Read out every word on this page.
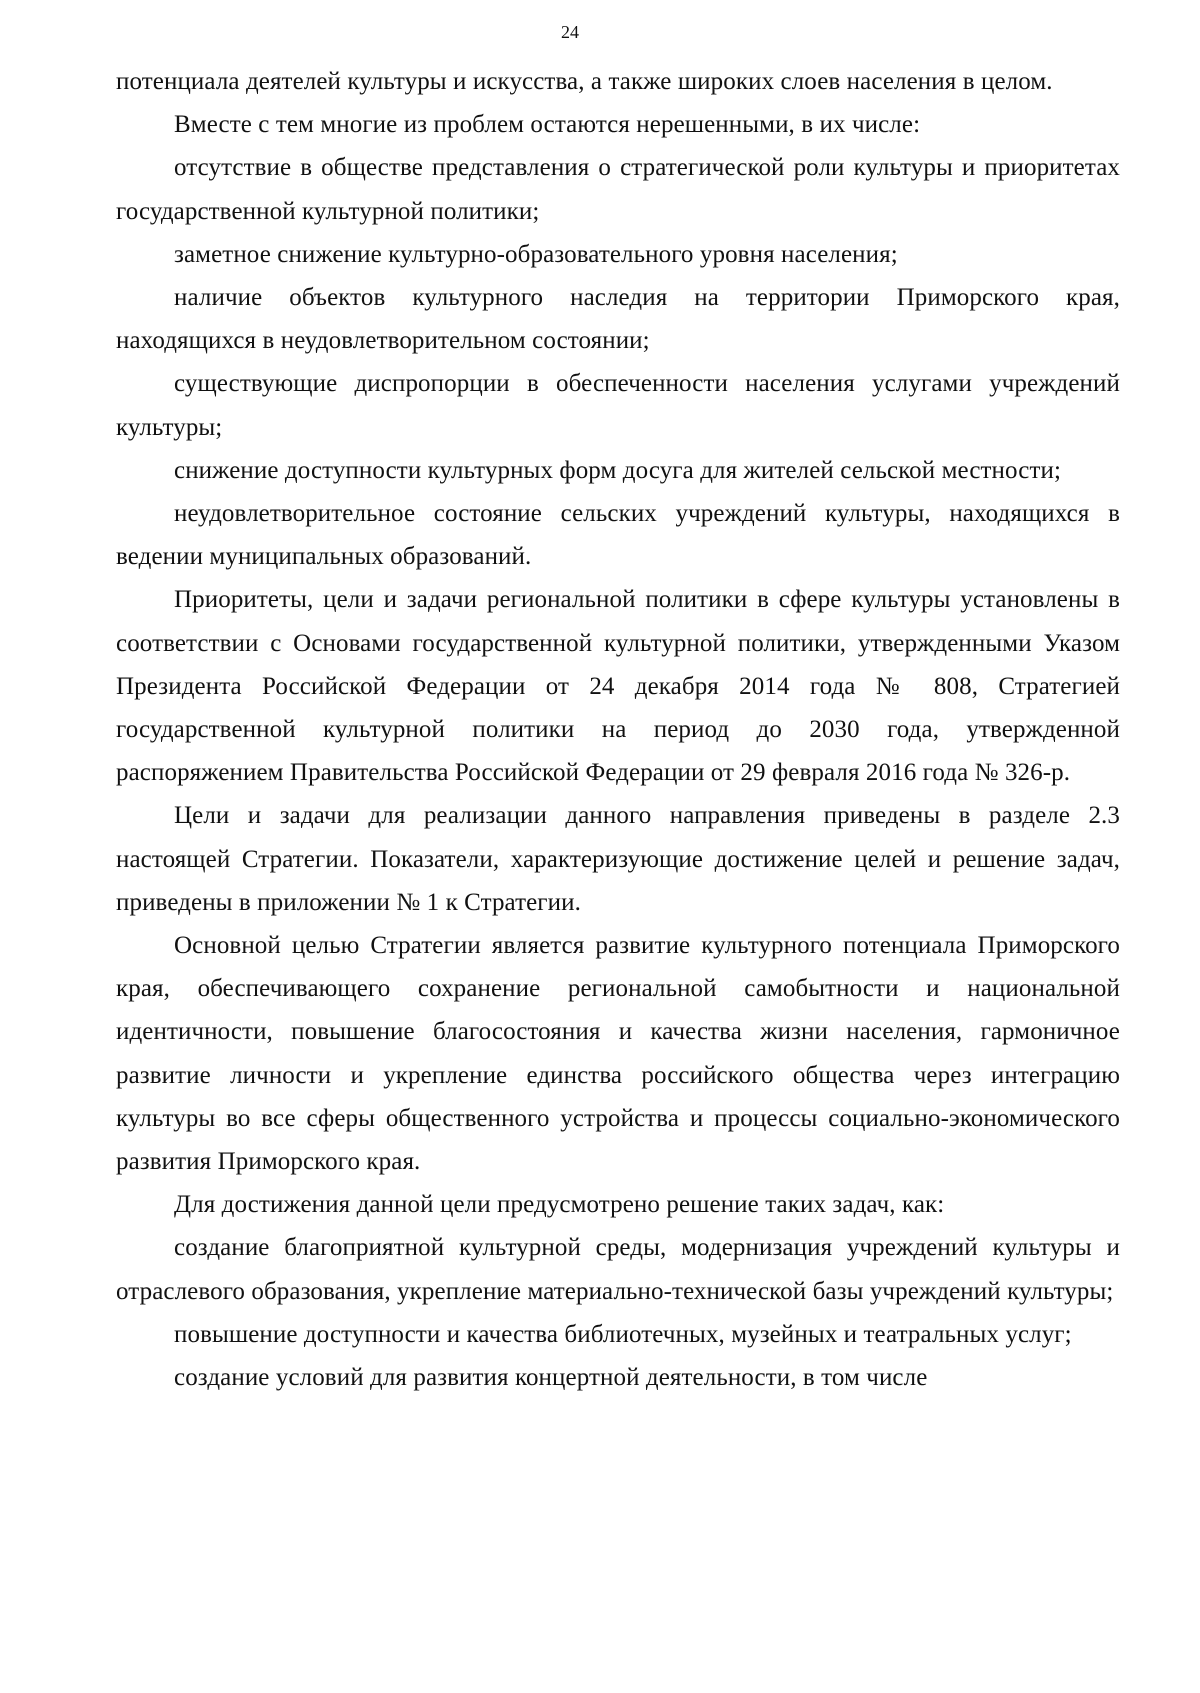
24

потенциала деятелей культуры и искусства, а также широких слоев населения в целом.

Вместе с тем многие из проблем остаются нерешенными, в их числе:

отсутствие в обществе представления о стратегической роли культуры и приоритетах государственной культурной политики;

заметное снижение культурно-образовательного уровня населения;

наличие объектов культурного наследия на территории Приморского края, находящихся в неудовлетворительном состоянии;

существующие диспропорции в обеспеченности населения услугами учреждений культуры;

снижение доступности культурных форм досуга для жителей сельской местности;

неудовлетворительное состояние сельских учреждений культуры, находящихся в ведении муниципальных образований.

Приоритеты, цели и задачи региональной политики в сфере культуры установлены в соответствии с Основами государственной культурной политики, утвержденными Указом Президента Российской Федерации от 24 декабря 2014 года № 808, Стратегией государственной культурной политики на период до 2030 года, утвержденной распоряжением Правительства Российской Федерации от 29 февраля 2016 года № 326-р.

Цели и задачи для реализации данного направления приведены в разделе 2.3 настоящей Стратегии. Показатели, характеризующие достижение целей и решение задач, приведены в приложении № 1 к Стратегии.

Основной целью Стратегии является развитие культурного потенциала Приморского края, обеспечивающего сохранение региональной самобытности и национальной идентичности, повышение благосостояния и качества жизни населения, гармоничное развитие личности и укрепление единства российского общества через интеграцию культуры во все сферы общественного устройства и процессы социально-экономического развития Приморского края.

Для достижения данной цели предусмотрено решение таких задач, как:

создание благоприятной культурной среды, модернизация учреждений культуры и отраслевого образования, укрепление материально-технической базы учреждений культуры;

повышение доступности и качества библиотечных, музейных и театральных услуг;

создание условий для развития концертной деятельности, в том числе
